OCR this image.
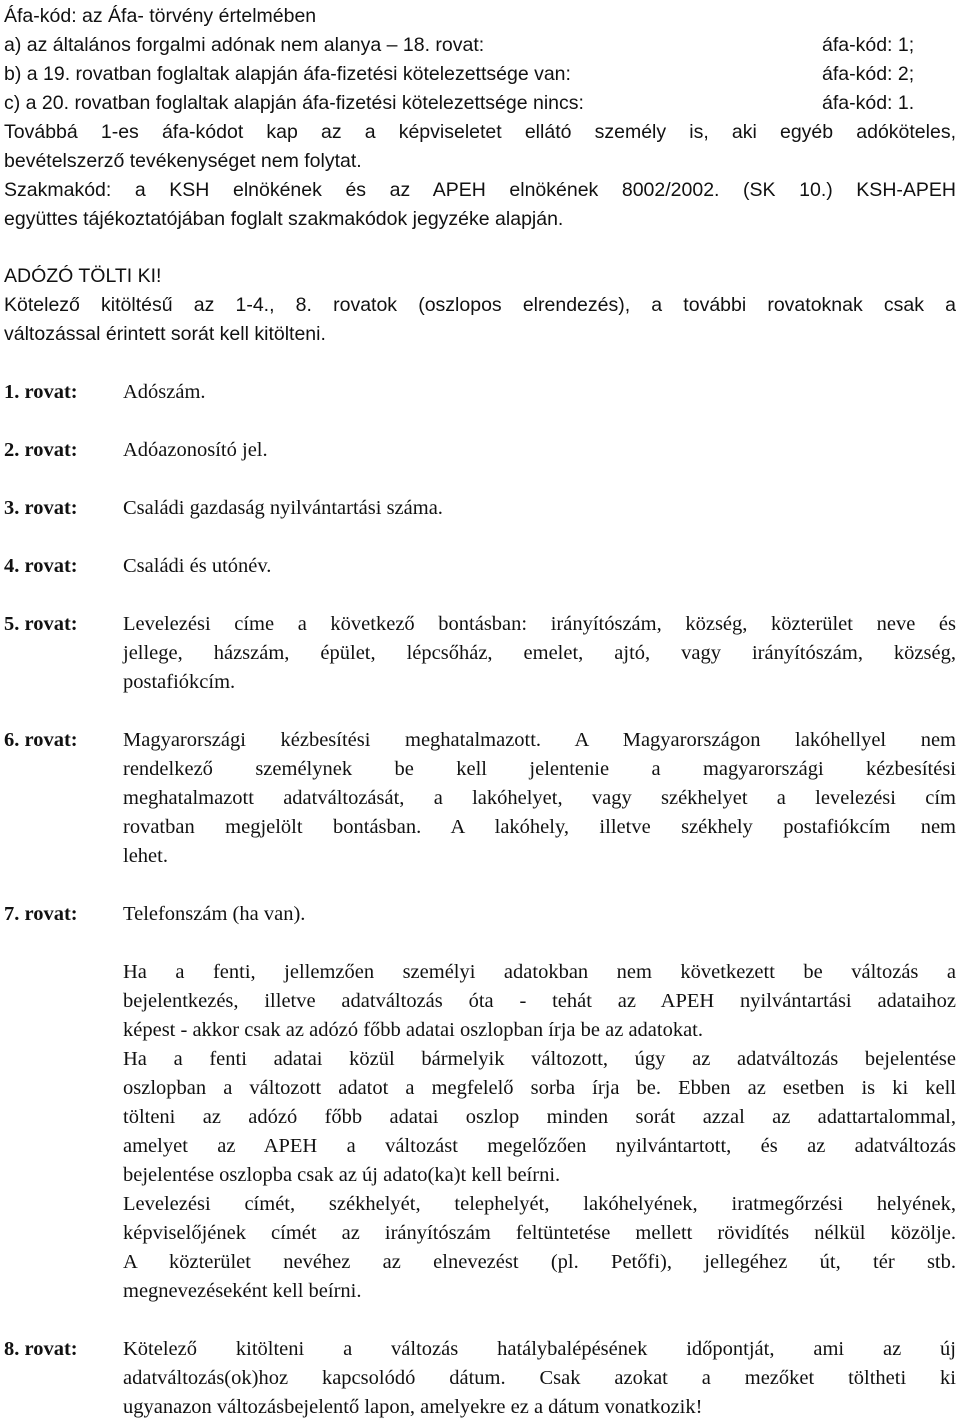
Áfa-kód: az Áfa- törvény értelmében
a) az általános forgalmi adónak nem alanya – 18. rovat:	áfa-kód: 1;
b) a 19. rovatban foglaltak alapján áfa-fizetési kötelezettsége van:	áfa-kód: 2;
c) a 20. rovatban foglaltak alapján áfa-fizetési kötelezettsége nincs:	áfa-kód: 1.
Továbbá 1-es áfa-kódot kap az a képviseletet ellátó személy is, aki egyéb adóköteles,
bevételszerző tevékenységet nem folytat.
Szakmakód: a KSH elnökének és az APEH elnökének 8002/2002. (SK 10.) KSH-APEH
együttes tájékoztatójában foglalt szakmakódok jegyzéke alapján.
ADÓZÓ TÖLTI KI!
Kötelező kitöltésű az 1-4., 8. rovatok (oszlopos elrendezés), a további rovatoknak csak a
változással érintett sorát kell kitölteni.
1. rovat: Adószám.
2. rovat: Adóazonosító jel.
3. rovat: Családi gazdaság nyilvántartási száma.
4. rovat: Családi és utónév.
5. rovat: Levelezési címe a következő bontásban: irányítószám, község, közterület neve és
jellege, házszám, épület, lépcsőház, emelet, ajtó, vagy irányítószám, község,
postafiókcím.
6. rovat: Magyarországi kézbesítési meghatalmazott. A Magyarországon lakóhellyel nem
rendelkező személynek be kell jelentenie a magyarországi kézbesítési
meghatalmazott adatváltozását, a lakóhelyet, vagy székhelyet a levelezési cím
rovatban megjelölt bontásban. A lakóhely, illetve székhely postafiókcím nem
lehet.
7. rovat: Telefonszám (ha van).
Ha a fenti, jellemzően személyi adatokban nem következett be változás a
bejelentkezés, illetve adatváltozás óta - tehát az APEH nyilvántartási adataihoz
képest - akkor csak az adózó főbb adatai oszlopban írja be az adatokat.
Ha a fenti adatai közül bármelyik változott, úgy az adatváltozás bejelentése
oszlopban a változott adatot a megfelelő sorba írja be. Ebben az esetben is ki kell
tölteni az adózó főbb adatai oszlop minden sorát azzal az adattartalommal,
amelyet az APEH a változást megelőzően nyilvántartott, és az adatváltozás
bejelentése oszlopba csak az új adato(ka)t kell beírni.
Levelezési címét, székhelyét, telephelyét, lakóhelyének, iratmegőrzési helyének,
képviselőjének címét az irányítószám feltüntetése mellett rövidítés nélkül közölje.
A közterület nevéhez az elnevezést (pl. Petőfi), jellegéhez út, tér stb.
megnevezéseként kell beírni.
8. rovat: Kötelező kitölteni a változás hatálybalépésének időpontját, ami az új
adatváltozás(ok)hoz kapcsolódó dátum. Csak azokat a mezőket töltheti ki
ugyanazon változásbejelentő lapon, amelyekre ez a dátum vonatkozik!
